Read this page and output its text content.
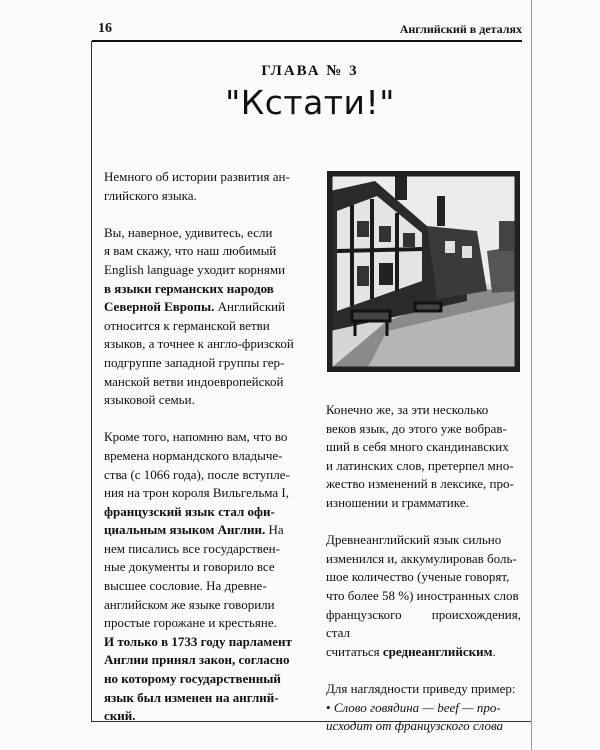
16	Английский в деталях
ГЛАВА № 3
"Кстати!"

Немного об истории развития ан-
глийского языка.

Вы, наверное, удивитесь, если
я вам скажу, что наш любимый
English language уходит корнями
в языки германских народов
Северной Европы. Английский
относится к германской ветви
языков, а точнее к англо-фризской
подгруппе западной группы гер-
манской ветви индоевропейской
языковой семьи.

Кроме того, напомню вам, что во
времена нормандского владыче-
ства (с 1066 года), после вступле-
ния на трон короля Вильгельма I,
французский язык стал офи-
циальным языком Англии. На
нем писались все государствен-
ные документы и говорило все
высшее сословие. На древне-
английском же языке говорили
простые горожане и крестьяне.
И только в 1733 году парламент
Англии принял закон, согласно
но которому государственный
язык был изменен на англий-
ский.

Конечно же, за эти несколько
веков язык, до этого уже вобрав-
ший в себя много скандинавских
и латинских слов, претерпел мно-
жество изменений в лексике, про-
изношении и грамматике.

Древнеанглийский язык сильно
изменился и, аккумулировав боль-
шое количество (ученые говорят,
что более 58 %) иностранных слов
французского происхождения, стал
считаться среднеанглийским.

Для наглядности приведу пример:
• Слово говядина — beef — про-
исходит от французского слова
